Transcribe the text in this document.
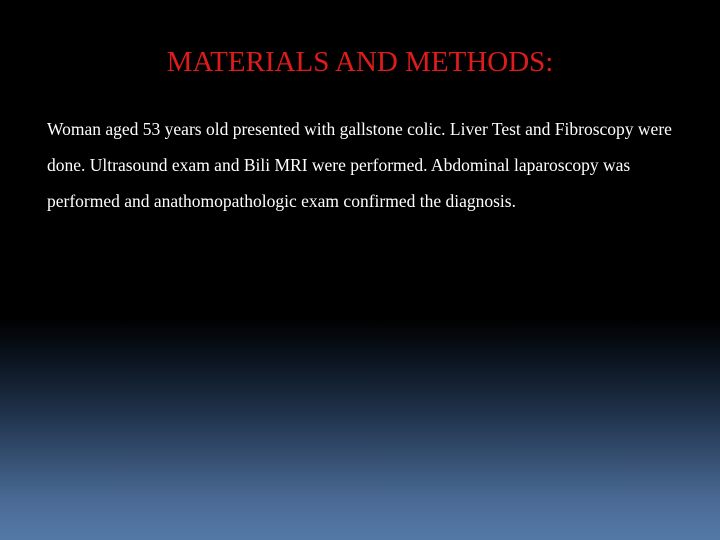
MATERIALS AND METHODS:

Woman aged 53 years old presented with gallstone colic. Liver Test and Fibroscopy were done. Ultrasound exam and Bili MRI were performed. Abdominal laparoscopy was performed and anathomopathologic exam confirmed the diagnosis.
